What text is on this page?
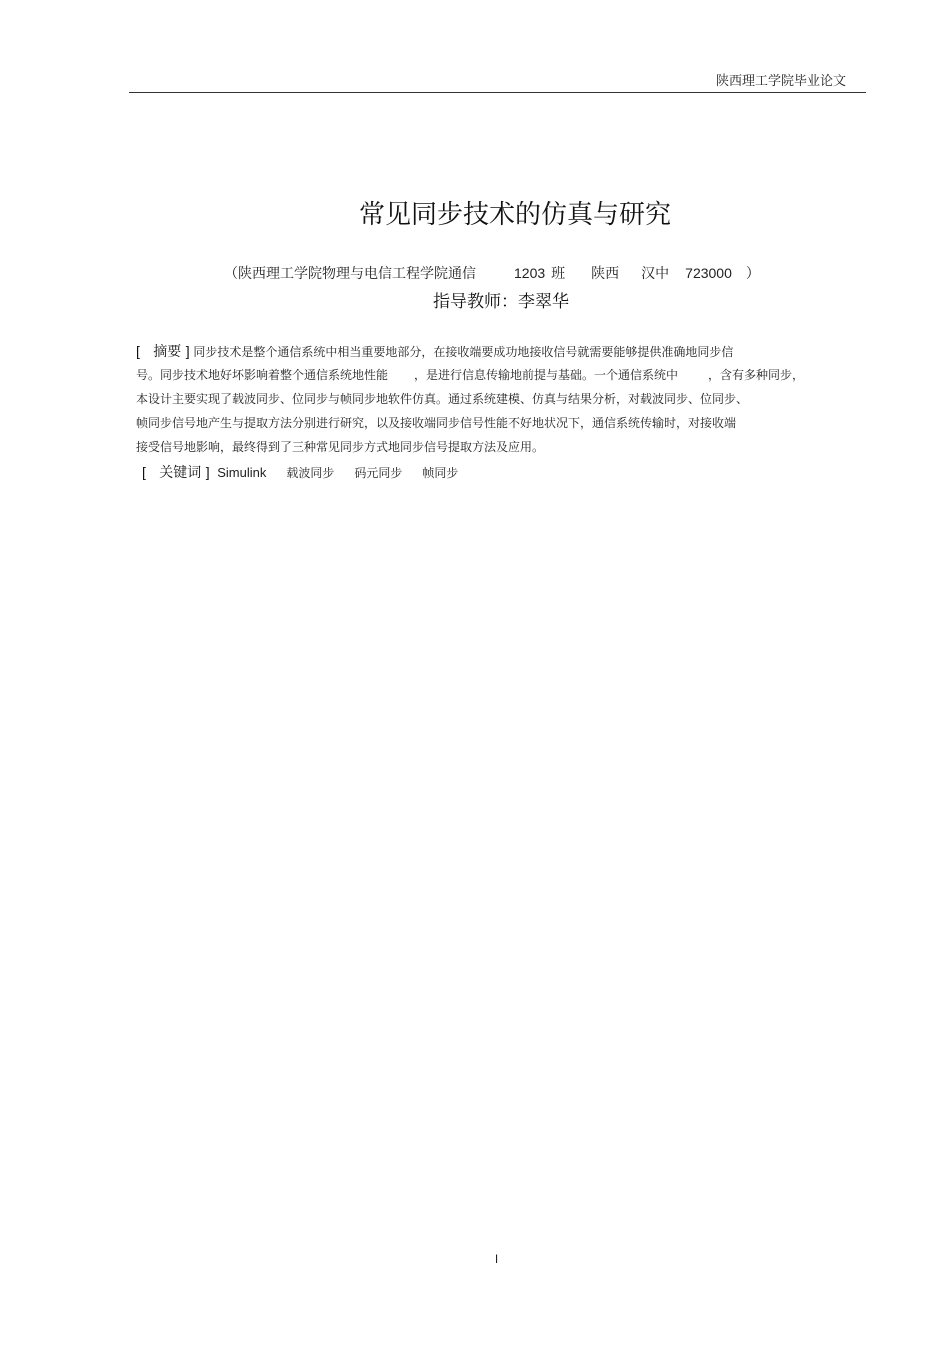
陕西理工学院毕业论文
常见同步技术的仿真与研究
（陕西理工学院物理与电信工程学院通信	1203 班 陕西 汉中 723000 ）
指导教师：李翠华
[ 摘要 ] 同步技术是整个通信系统中相当重要地部分，在接收端要成功地接收信号就需要能够提供准确地同步信
号。同步技术地好坏影响着整个通信系统地性能 ，是进行信息传输地前提与基础。一个通信系统中	，含有多种同步，
本设计主要实现了载波同步、位同步与帧同步地软件仿真。通过系统建模、仿真与结果分析，对载波同步、位同步、
帧同步信号地产生与提取方法分别进行研究，以及接收端同步信号性能不好地状况下，通信系统传输时，对接收端
接受信号地影响，最终得到了三种常见同步方式地同步信号提取方法及应用。
[ 关键词 ] Simulink 载波同步 码元同步 帧同步
I
